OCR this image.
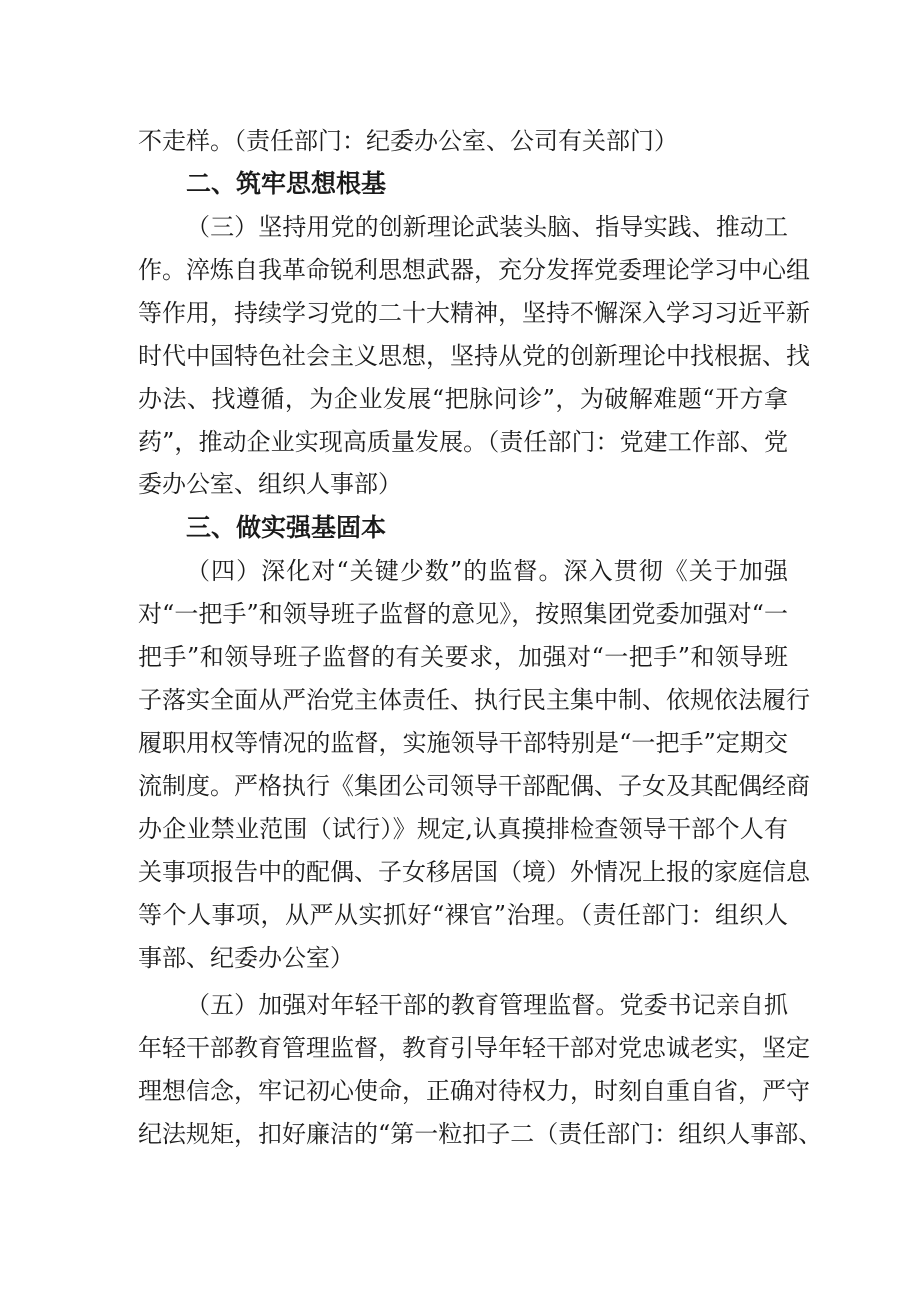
不走样。（责任部门：纪委办公室、公司有关部门）
二、筑牢思想根基
（三）坚持用党的创新理论武装头脑、指导实践、推动工
作。淬炼自我革命锐利思想武器，充分发挥党委理论学习中心组
等作用，持续学习党的二十大精神，坚持不懈深入学习习近平新
时代中国特色社会主义思想，坚持从党的创新理论中找根据、找
办法、找遵循，为企业发展“把脉问诊”，为破解难题“开方拿
药”，推动企业实现高质量发展。（责任部门：党建工作部、党
委办公室、组织人事部）
三、做实强基固本
（四）深化对“关键少数”的监督。深入贯彻《关于加强
对“一把手”和领导班子监督的意见》，按照集团党委加强对“一
把手”和领导班子监督的有关要求，加强对“一把手”和领导班
子落实全面从严治党主体责任、执行民主集中制、依规依法履行
履职用权等情况的监督，实施领导干部特别是“一把手”定期交
流制度。严格执行《集团公司领导干部配偶、子女及其配偶经商
办企业禁业范围（试行）》规定,认真摸排检查领导干部个人有
关事项报告中的配偶、子女移居国（境）外情况上报的家庭信息
等个人事项，从严从实抓好“裸官”治理。（责任部门：组织人
事部、纪委办公室）
（五）加强对年轻干部的教育管理监督。党委书记亲自抓
年轻干部教育管理监督，教育引导年轻干部对党忠诚老实，坚定
理想信念，牢记初心使命，正确对待权力，时刻自重自省，严守
纪法规矩，扣好廉洁的“第一粒扣子二（责任部门：组织人事部、
